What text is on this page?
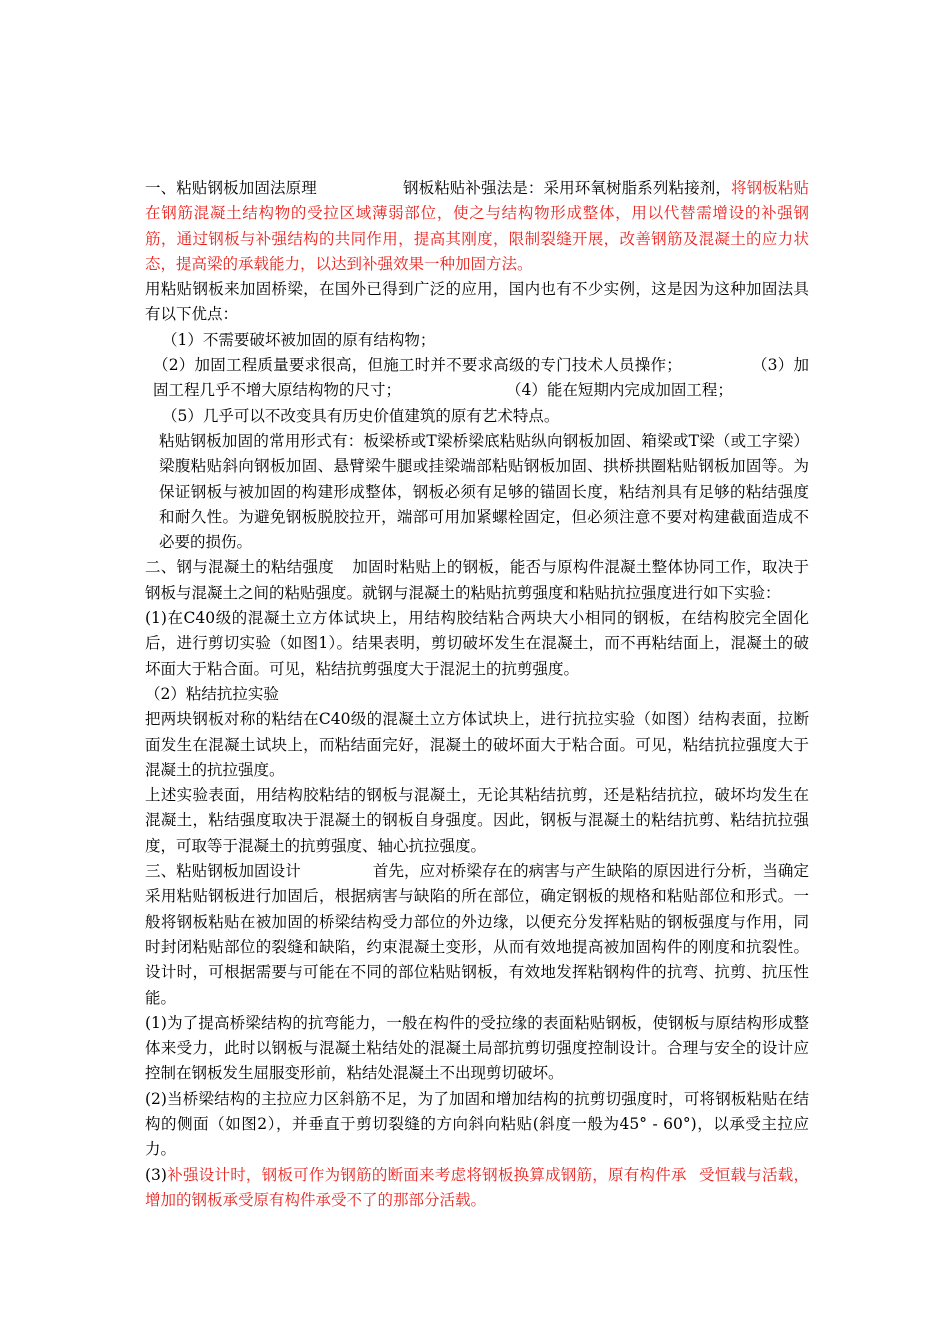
一、粘贴钢板加固法原理	钢板粘贴补强法是：采用环氧树脂系列粘接剂，将钢板粘贴在钢筋混凝土结构物的受拉区域薄弱部位，使之与结构物形成整体，用以代替需增设的补强钢筋，通过钢板与补强结构的共同作用，提高其刚度，限制裂缝开展，改善钢筋及混凝土的应力状态，提高梁的承载能力，以达到补强效果一种加固方法。

用粘贴钢板来加固桥梁，在国外已得到广泛的应用，国内也有不少实例，这是因为这种加固法具有以下优点：

（1）不需要破坏被加固的原有结构物；

（2）加固工程质量要求很高，但施工时并不要求高级的专门技术人员操作；	（3）加固工程几乎不增大原结构物的尺寸；	（4）能在短期内完成加固工程；

（5）几乎可以不改变具有历史价值建筑的原有艺术特点。

粘贴钢板加固的常用形式有：板梁桥或T梁桥梁底粘贴纵向钢板加固、箱梁或T梁（或工字梁）梁腹粘贴斜向钢板加固、悬臂梁牛腿或挂梁端部粘贴钢板加固、拱桥拱圈粘贴钢板加固等。为保证钢板与被加固的构建形成整体，钢板必须有足够的锚固长度，粘结剂具有足够的粘结强度和耐久性。为避免钢板脱胶拉开，端部可用加紧螺栓固定，但必须注意不要对构建截面造成不必要的损伤。

二、钢与混凝土的粘结强度 加固时粘贴上的钢板，能否与原构件混凝土整体协同工作，取决于钢板与混凝土之间的粘贴强度。就钢与混凝土的粘贴抗剪强度和粘贴抗拉强度进行如下实验：

(1)在C40级的混凝土立方体试块上，用结构胶结粘合两块大小相同的钢板，在结构胶完全固化后，进行剪切实验（如图1）。结果表明，剪切破坏发生在混凝土，而不再粘结面上，混凝土的破坏面大于粘合面。可见，粘结抗剪强度大于混泥土的抗剪强度。

（2）粘结抗拉实验

把两块钢板对称的粘结在C40级的混凝土立方体试块上，进行抗拉实验（如图）结构表面，拉断面发生在混凝土试块上，而粘结面完好，混凝土的破坏面大于粘合面。可见，粘结抗拉强度大于混凝土的抗拉强度。

上述实验表面，用结构胶粘结的钢板与混凝土，无论其粘结抗剪，还是粘结抗拉，破坏均发生在混凝土，粘结强度取决于混凝土的钢板自身强度。因此，钢板与混凝土的粘结抗剪、粘结抗拉强度，可取等于混凝土的抗剪强度、轴心抗拉强度。

三、粘贴钢板加固设计	首先，应对桥梁存在的病害与产生缺陷的原因进行分析，当确定采用粘贴钢板进行加固后，根据病害与缺陷的所在部位，确定钢板的规格和粘贴部位和形式。一般将钢板粘贴在被加固的桥梁结构受力部位的外边缘，以便充分发挥粘贴的钢板强度与作用，同时封闭粘贴部位的裂缝和缺陷，约束混凝土变形，从而有效地提高被加固构件的刚度和抗裂性。设计时，可根据需要与可能在不同的部位粘贴钢板，有效地发挥粘钢构件的抗弯、抗剪、抗压性能。

(1)为了提高桥梁结构的抗弯能力，一般在构件的受拉缘的表面粘贴钢板，使钢板与原结构形成整体来受力，此时以钢板与混凝土粘结处的混凝土局部抗剪切强度控制设计。合理与安全的设计应控制在钢板发生屈服变形前，粘结处混凝土不出现剪切破坏。

(2)当桥梁结构的主拉应力区斜筋不足，为了加固和增加结构的抗剪切强度时，可将钢板粘贴在结构的侧面（如图2），并垂直于剪切裂缝的方向斜向粘贴(斜度一般为45° - 60°)，以承受主拉应力。

(3)补强设计时，钢板可作为钢筋的断面来考虑将钢板换算成钢筋，原有构件承 受恒载与活载，增加的钢板承受原有构件承受不了的那部分活载。
